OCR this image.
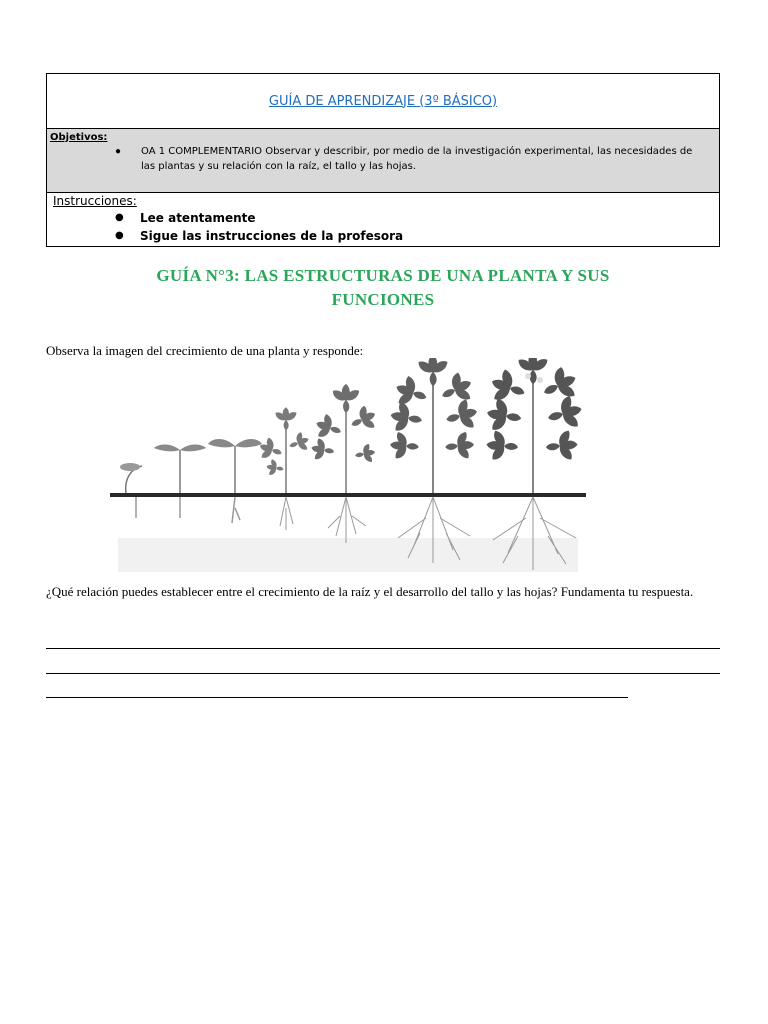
GUÍA DE APRENDIZAJE (3º BÁSICO)
Objetivos:
●	OA 1 COMPLEMENTARIO Observar y describir, por medio de la investigación experimental, las necesidades de las plantas y su relación con la raíz, el tallo y las hojas.
Instrucciones:
●	Lee atentamente
●	Sigue las instrucciones de la profesora
GUÍA N°3: LAS ESTRUCTURAS DE UNA PLANTA Y SUS
FUNCIONES
Observa la imagen del crecimiento de una planta y responde:
¿Qué relación puedes establecer entre el crecimiento de la raíz y el desarrollo del tallo y las hojas? Fundamenta tu respuesta.
